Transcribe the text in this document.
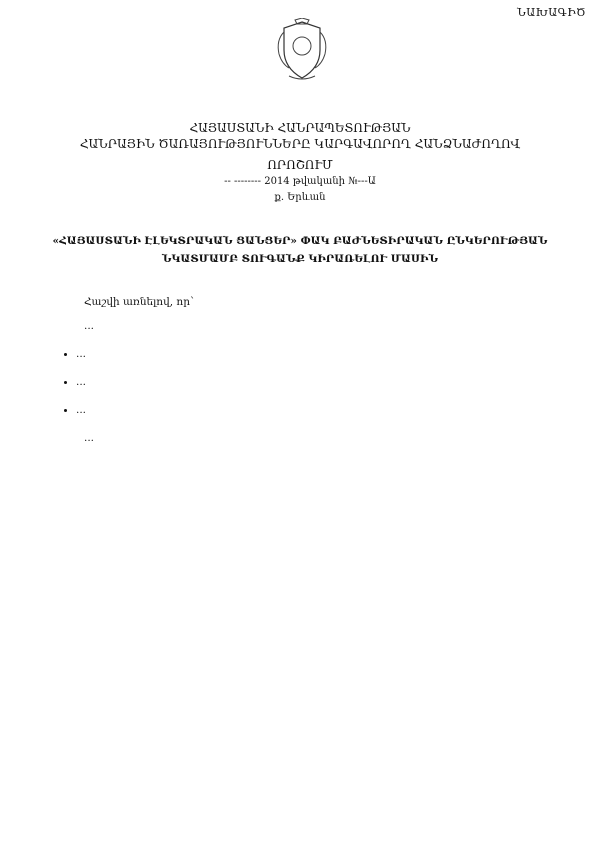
ՆԱԽԱԳԻԾ
ՀԱՅԱՍՏԱՆԻ ՀԱՆՐԱՊԵՏՈՒԹՅԱՆ
ՀԱՆՐԱՅԻՆ ԾԱՌԱՅՈՒԹՅՈՒՆՆԵՐԸ ԿԱՐԳԱՎՈՐՈՂ ՀԱՆՁՆԱԺՈՂՈՎ
ՈՐՈՇՈՒՄ
-- -------- 2014 թվականի №---Ա
ք. Երևան
«ՀԱՅԱՍՏԱՆԻ ԷԼԵԿՏՐԱԿԱՆ ՑԱՆՑԵՐ» ՓԱԿ ԲԱԺՆԵՏԻՐԱԿԱՆ ԸՆԿԵՐՈՒԹՅԱՆ ՆԿԱՏՄԱՄԲ ՏՈՒԳԱՆՔ ԿԻՐԱՌԵԼՈՒ ՄԱՍԻՆ

Հաշվի առնելով, որ՝

...

• ...
• ...
• ...

...
